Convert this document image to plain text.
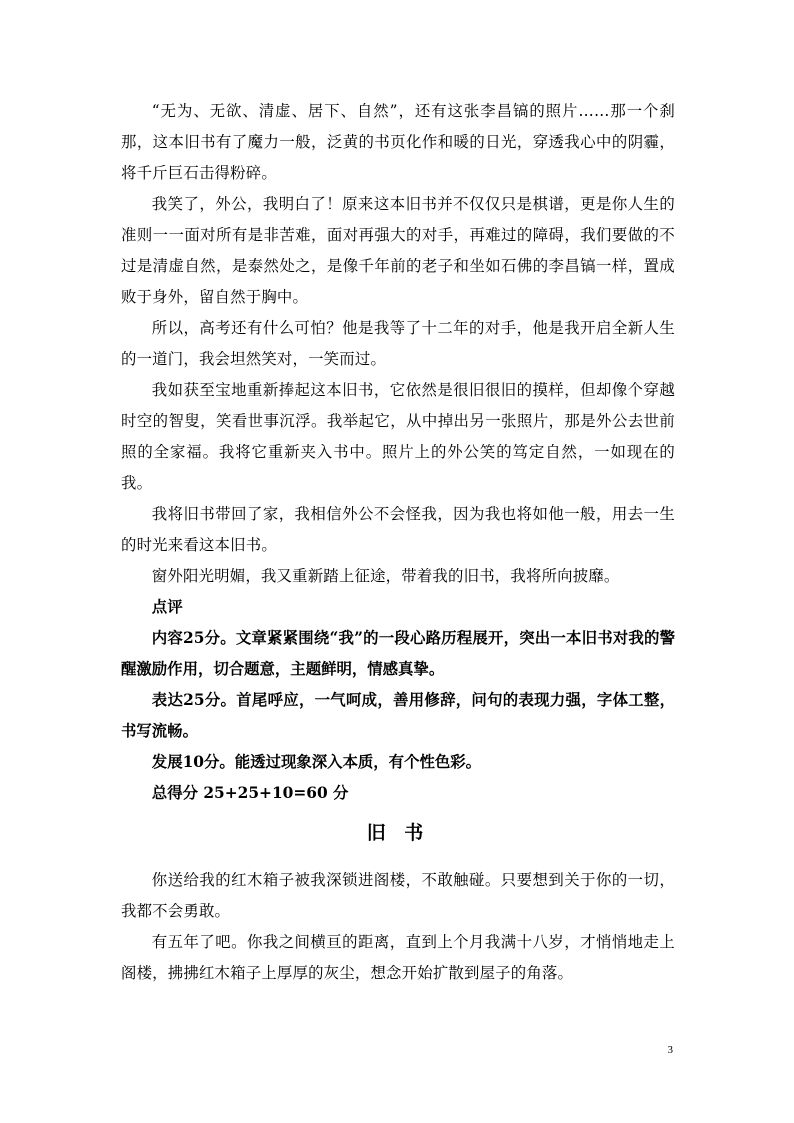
“无为、无欲、清虚、居下、自然”，还有这张李昌镐的照片……那一个刹那，这本旧书有了魔力一般，泛黄的书页化作和暖的日光，穿透我心中的阴霾，将千斤巨石击得粉碎。

我笑了，外公，我明白了！原来这本旧书并不仅仅只是棋谱，更是你人生的准则一一面对所有是非苦难，面对再强大的对手，再难过的障碍，我们要做的不过是清虚自然，是泰然处之，是像千年前的老子和坐如石佛的李昌镐一样，置成败于身外，留自然于胸中。

所以，高考还有什么可怕？他是我等了十二年的对手，他是我开启全新人生的一道门，我会坦然笑对，一笑而过。

我如获至宝地重新捧起这本旧书，它依然是很旧很旧的摸样，但却像个穿越时空的智叟，笑看世事沉浮。我举起它，从中掉出另一张照片，那是外公去世前照的全家福。我将它重新夹入书中。照片上的外公笑的笃定自然，一如现在的我。

我将旧书带回了家，我相信外公不会怪我，因为我也将如他一般，用去一生的时光来看这本旧书。

窗外阳光明媚，我又重新踏上征途，带着我的旧书，我将所向披靡。

点评

内容25分。文章紧紧围绕“我”的一段心路历程展开，突出一本旧书对我的警醒激励作用，切合题意，主题鲜明，情感真挚。

表达25分。首尾呼应，一气呵成，善用修辞，问句的表现力强，字体工整，书写流畅。

发展10分。能透过现象深入本质，有个性色彩。

总得分 25+25+10=60 分

旧 书

你送给我的红木箱子被我深锁进阁楼，不敢触碰。只要想到关于你的一切，我都不会勇敢。

有五年了吧。你我之间横亘的距离，直到上个月我满十八岁，才悄悄地走上阁楼，拂拂红木箱子上厚厚的灰尘，想念开始扩散到屋子的角落。

3
